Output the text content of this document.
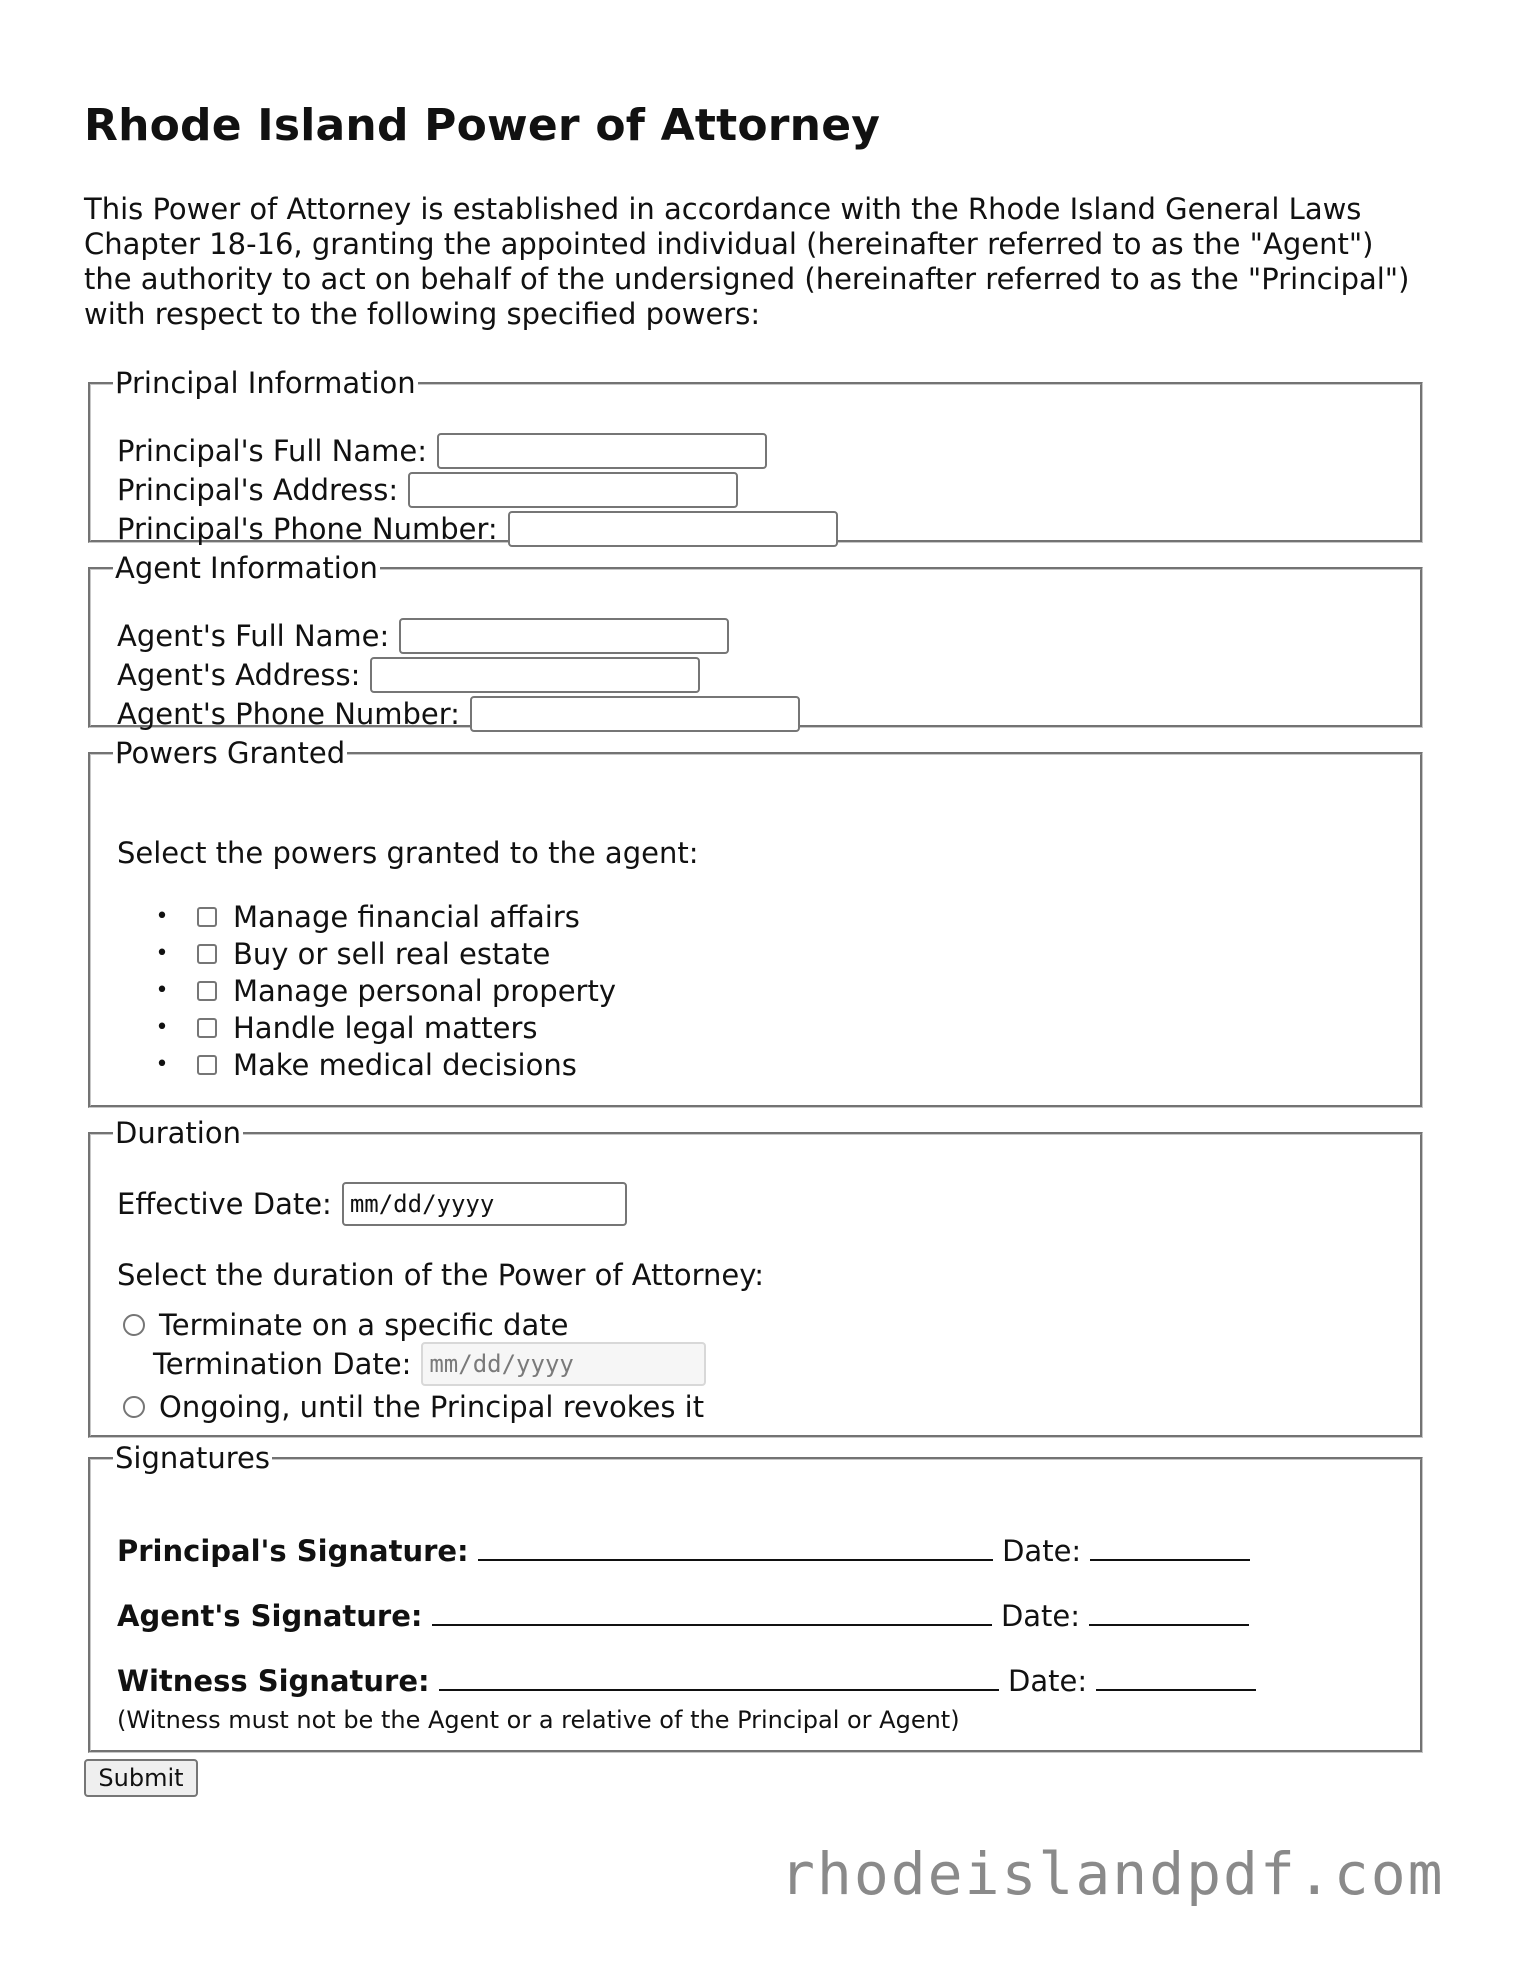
Rhode Island Power of Attorney

This Power of Attorney is established in accordance with the Rhode Island General Laws Chapter 18-16, granting the appointed individual (hereinafter referred to as the "Agent") the authority to act on behalf of the undersigned (hereinafter referred to as the "Principal") with respect to the following specified powers:

Principal Information
Principal's Full Name:
Principal's Address:
Principal's Phone Number:
Agent Information
Agent's Full Name:
Agent's Address:
Agent's Phone Number:
Powers Granted
Select the powers granted to the agent:
•	Manage financial affairs
•	Buy or sell real estate
•	Manage personal property
•	Handle legal matters
•	Make medical decisions
Duration
Effective Date: mm/dd/yyyy
Select the duration of the Power of Attorney:
Terminate on a specific date
Termination Date: mm/dd/yyyy
Ongoing, until the Principal revokes it
Signatures
Principal's Signature:	Date:
Agent's Signature:	Date:
Witness Signature:	Date:
(Witness must not be the Agent or a relative of the Principal or Agent)
Submit
rhodeislandpdf.com
